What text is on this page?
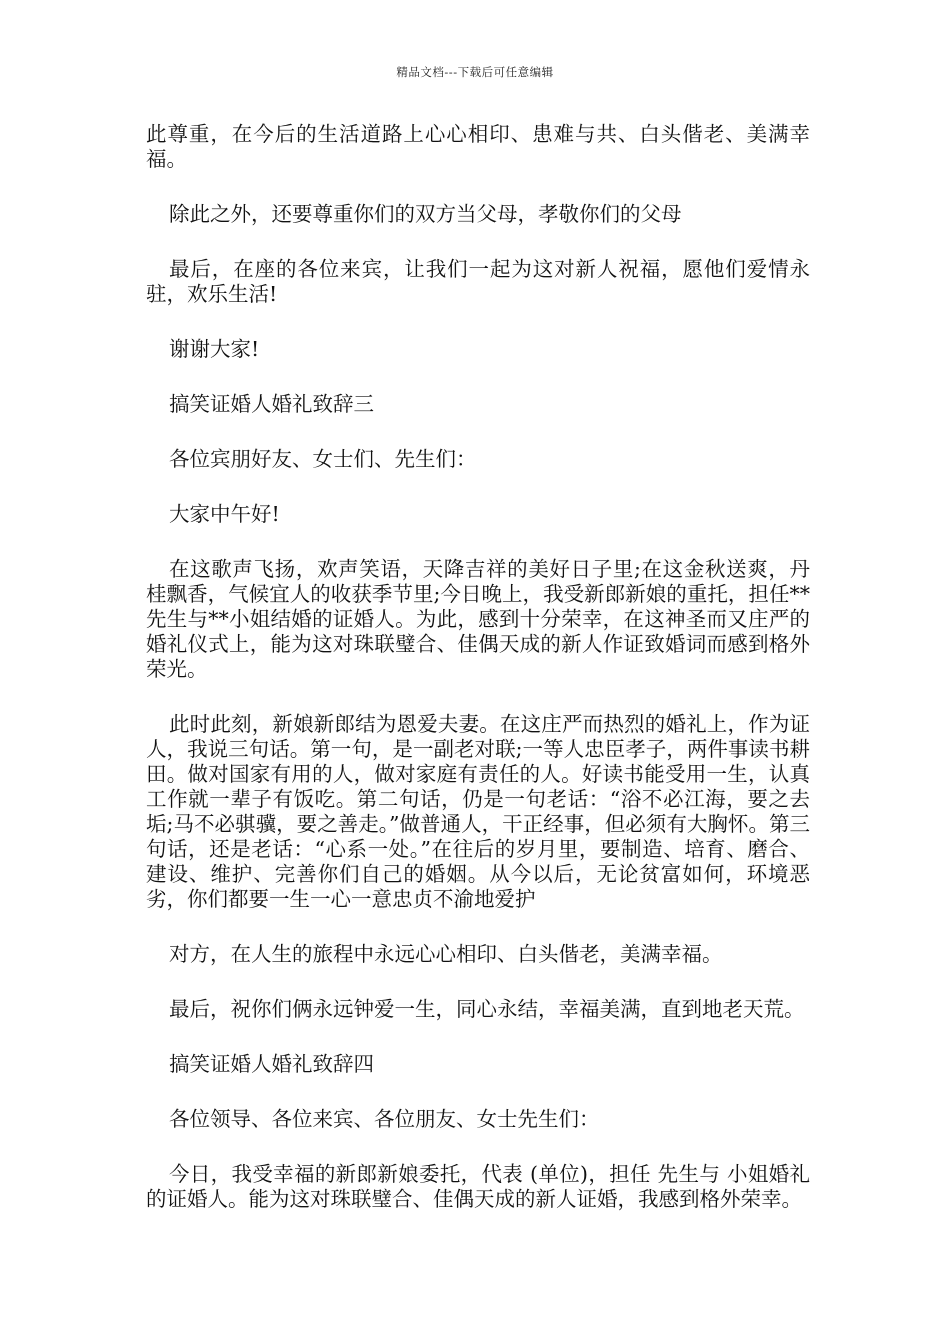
精品文档---下载后可任意编辑

此尊重，在今后的生活道路上心心相印、患难与共、白头偕老、美满幸福。

除此之外，还要尊重你们的双方当父母，孝敬你们的父母

最后，在座的各位来宾，让我们一起为这对新人祝福，愿他们爱情永驻，欢乐生活!

谢谢大家!

搞笑证婚人婚礼致辞三

各位宾朋好友、女士们、先生们：

大家中午好!

在这歌声飞扬，欢声笑语，天降吉祥的美好日子里;在这金秋送爽，丹桂飘香，气候宜人的收获季节里;今日晚上，我受新郎新娘的重托，担任**先生与**小姐结婚的证婚人。为此，感到十分荣幸，在这神圣而又庄严的婚礼仪式上，能为这对珠联璧合、佳偶天成的新人作证致婚词而感到格外荣光。

此时此刻，新娘新郎结为恩爱夫妻。在这庄严而热烈的婚礼上，作为证人，我说三句话。第一句，是一副老对联;一等人忠臣孝子，两件事读书耕田。做对国家有用的人，做对家庭有责任的人。好读书能受用一生，认真工作就一辈子有饭吃。第二句话，仍是一句老话：“浴不必江海，要之去垢;马不必骐骥，要之善走。”做普通人，干正经事，但必须有大胸怀。第三句话，还是老话：“心系一处。”在往后的岁月里，要制造、培育、磨合、建设、维护、完善你们自己的婚姻。从今以后，无论贫富如何，环境恶劣，你们都要一生一心一意忠贞不渝地爱护

对方，在人生的旅程中永远心心相印、白头偕老，美满幸福。

最后，祝你们俩永远钟爱一生，同心永结，幸福美满，直到地老天荒。

搞笑证婚人婚礼致辞四

各位领导、各位来宾、各位朋友、女士先生们：

今日，我受幸福的新郎新娘委托，代表 (单位)，担任 先生与 小姐婚礼的证婚人。能为这对珠联璧合、佳偶天成的新人证婚，我感到格外荣幸。
